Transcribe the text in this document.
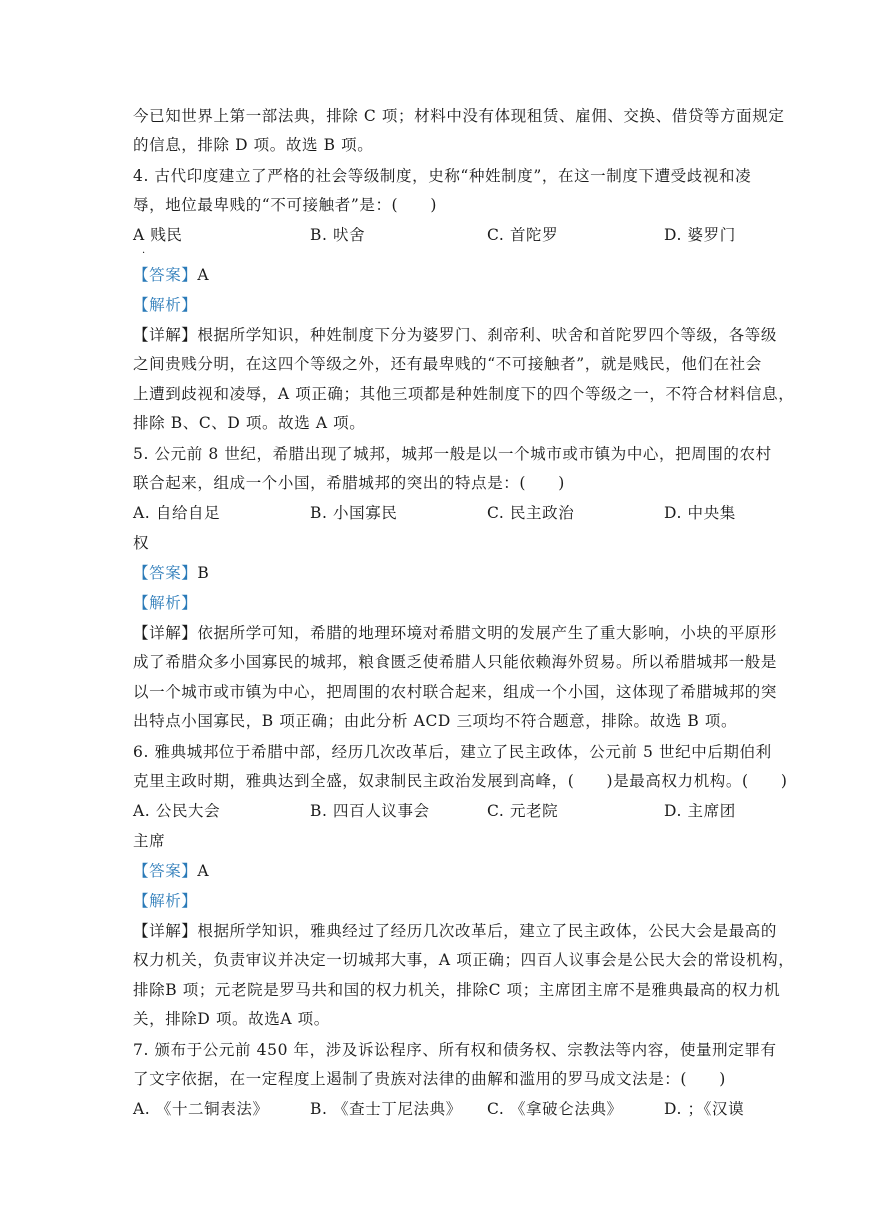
今已知世界上第一部法典，排除 C 项；材料中没有体现租赁、雇佣、交换、借贷等方面规定
的信息，排除 D 项。故选 B 项。
4. 古代印度建立了严格的社会等级制度，史称“种姓制度”，在这一制度下遭受歧视和凌
辱，地位最卑贱的“不可接触者”是：(　　)
A 贱民	B. 吠舍	C. 首陀罗	D. 婆罗门
·
【答案】A
【解析】
【详解】根据所学知识，种姓制度下分为婆罗门、刹帝利、吠舍和首陀罗四个等级，各等级
之间贵贱分明，在这四个等级之外，还有最卑贱的“不可接触者”，就是贱民，他们在社会
上遭到歧视和凌辱，A 项正确；其他三项都是种姓制度下的四个等级之一，不符合材料信息，
排除 B、C、D 项。故选 A 项。
5. 公元前 8 世纪，希腊出现了城邦，城邦一般是以一个城市或市镇为中心，把周围的农村
联合起来，组成一个小国，希腊城邦的突出的特点是：(　　)
A. 自给自足	B. 小国寡民	C. 民主政治	D. 中央集
权
【答案】B
【解析】
【详解】依据所学可知，希腊的地理环境对希腊文明的发展产生了重大影响，小块的平原形
成了希腊众多小国寡民的城邦，粮食匮乏使希腊人只能依赖海外贸易。所以希腊城邦一般是
以一个城市或市镇为中心，把周围的农村联合起来，组成一个小国，这体现了希腊城邦的突
出特点小国寡民，B 项正确；由此分析 ACD 三项均不符合题意，排除。故选 B 项。
6. 雅典城邦位于希腊中部，经历几次改革后，建立了民主政体，公元前 5 世纪中后期伯利
克里主政时期，雅典达到全盛，奴隶制民主政治发展到高峰，(　　)是最高权力机构。(　　)
A. 公民大会	B. 四百人议事会	C. 元老院	D. 主席团
主席
【答案】A
【解析】
【详解】根据所学知识，雅典经过了经历几次改革后，建立了民主政体，公民大会是最高的
权力机关，负责审议并决定一切城邦大事，A 项正确；四百人议事会是公民大会的常设机构，
排除B 项；元老院是罗马共和国的权力机关，排除C 项；主席团主席不是雅典最高的权力机
关，排除D 项。故选A 项。
7. 颁布于公元前 450 年，涉及诉讼程序、所有权和债务权、宗教法等内容，使量刑定罪有
了文字依据，在一定程度上遏制了贵族对法律的曲解和滥用的罗马成文法是：(　　)
A. 《十二铜表法》	B. 《查士丁尼法典》 C. 《拿破仑法典》	D. ；《汉谟
